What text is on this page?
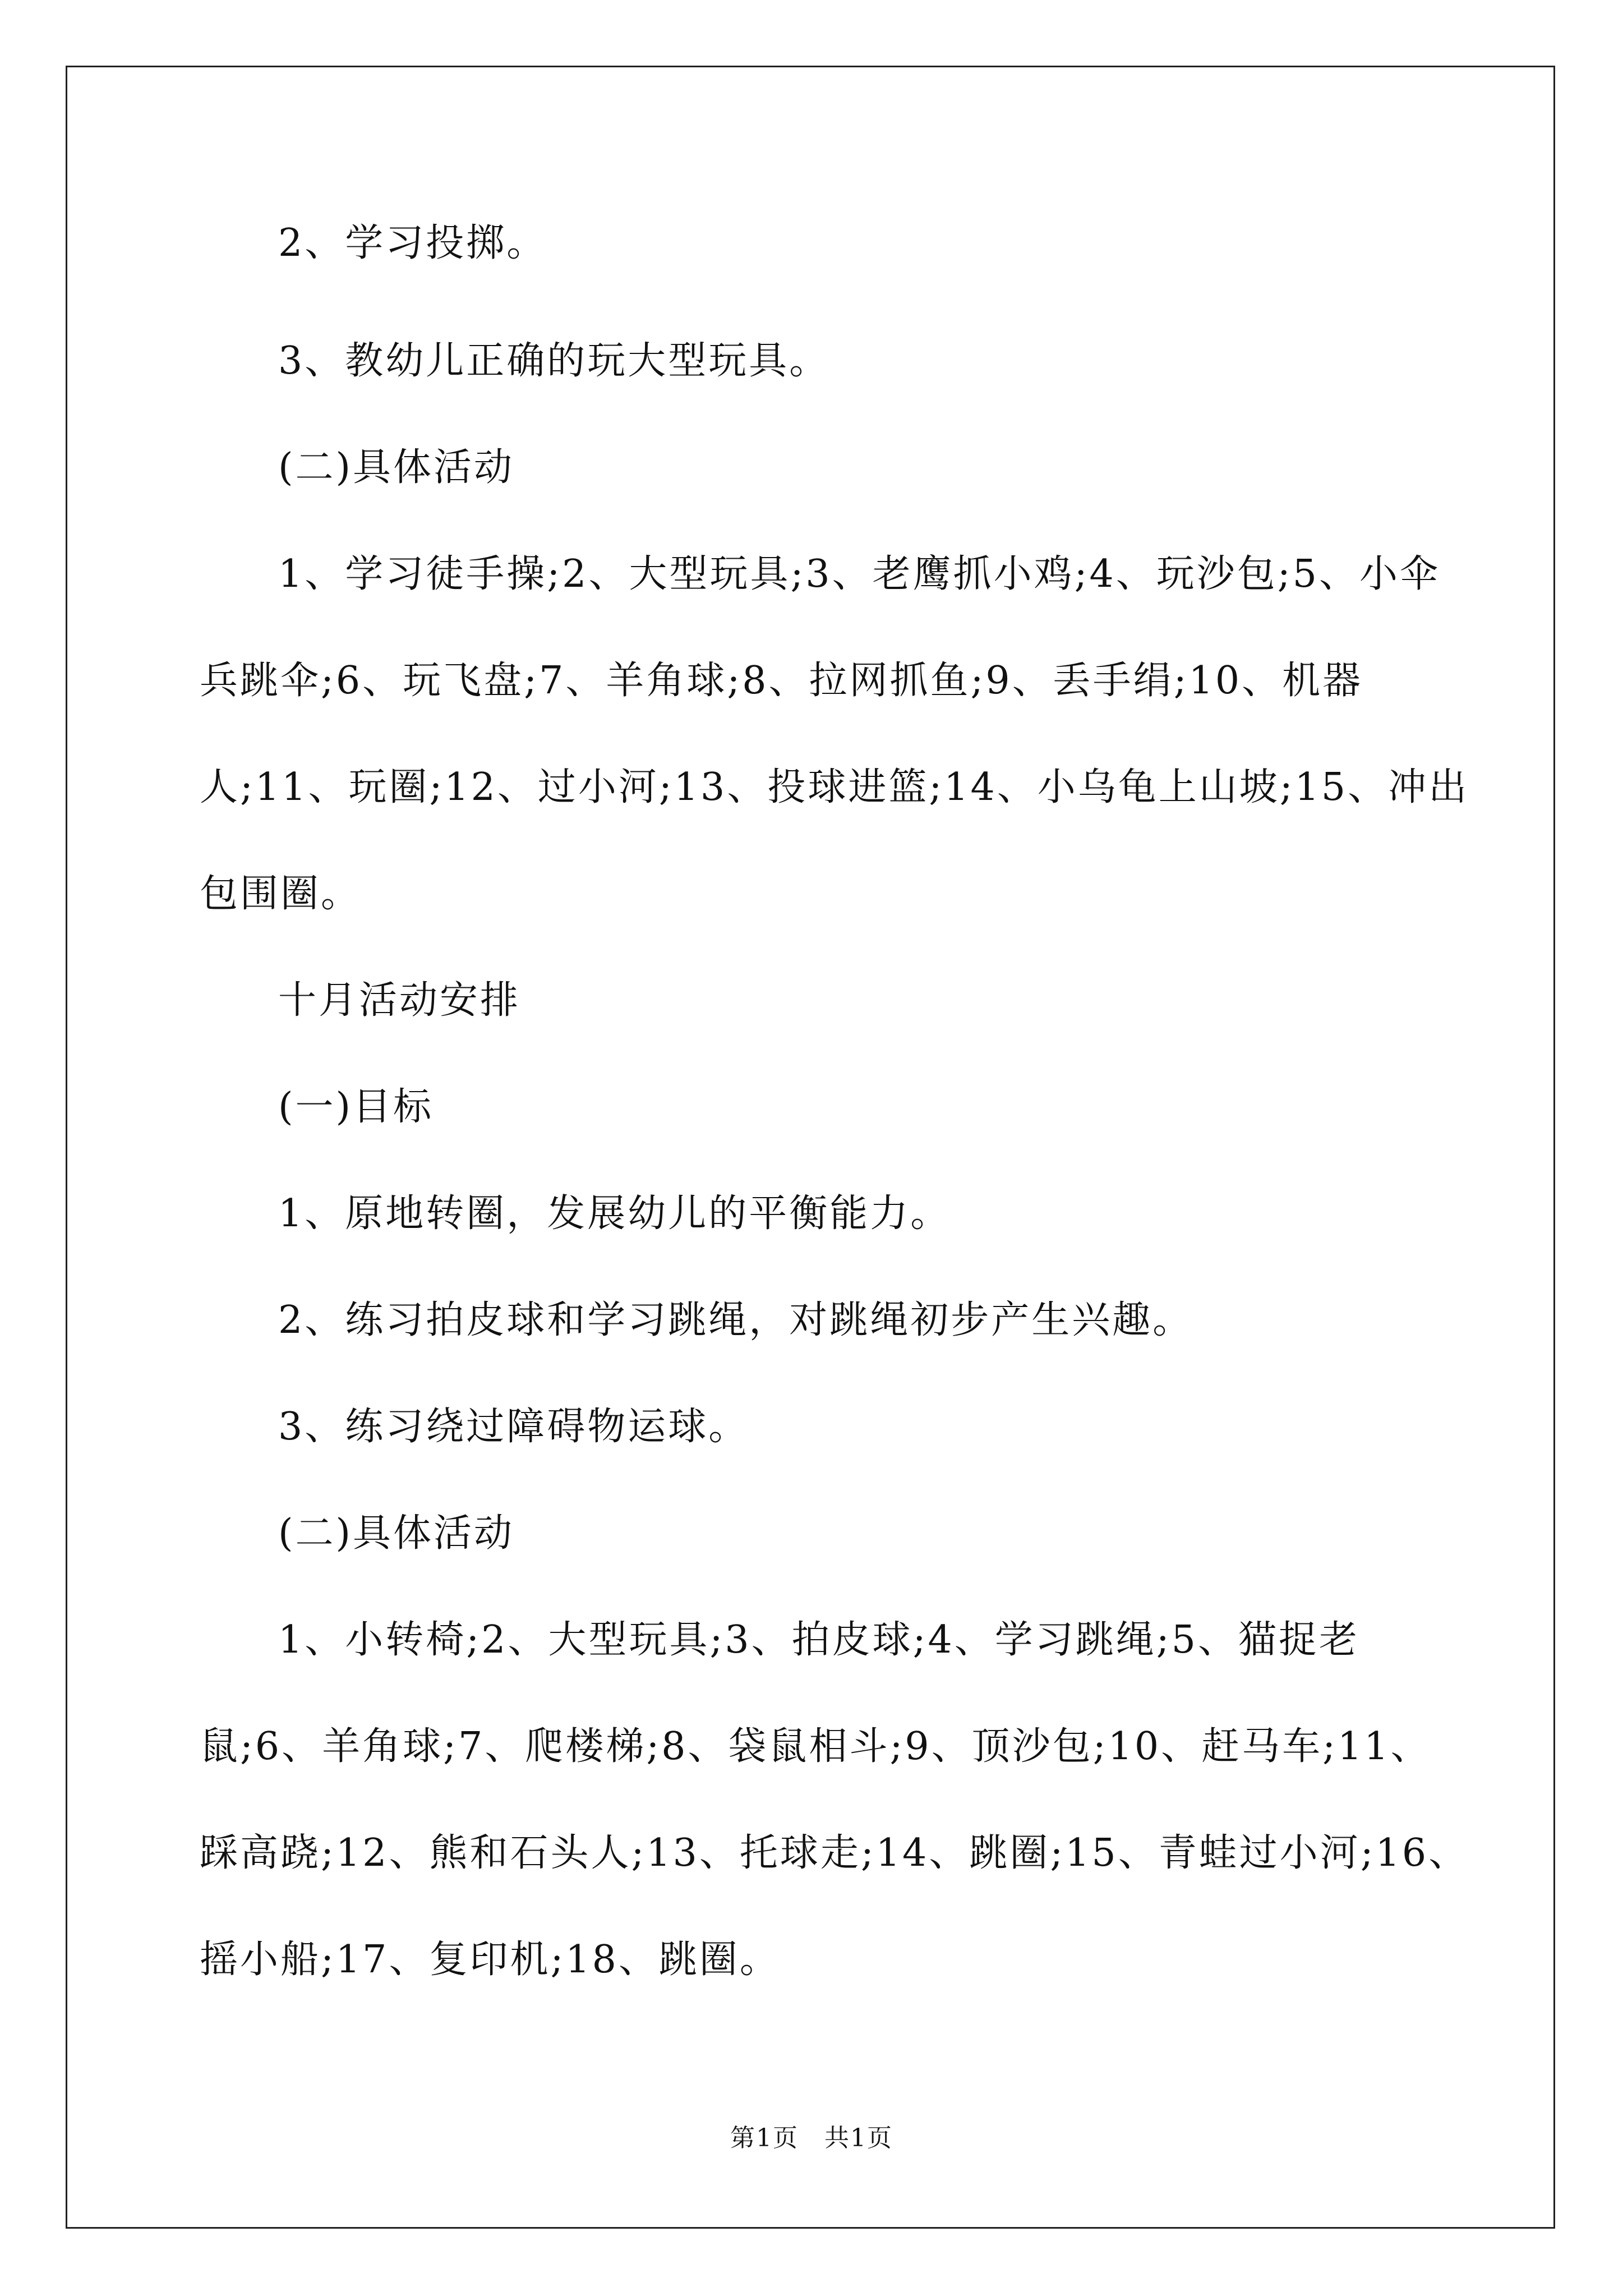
2、学习投掷。
3、教幼儿正确的玩大型玩具。
(二)具体活动
1、学习徒手操;2、大型玩具;3、老鹰抓小鸡;4、玩沙包;5、小伞
兵跳伞;6、玩飞盘;7、羊角球;8、拉网抓鱼;9、丢手绢;10、机器
人;11、玩圈;12、过小河;13、投球进篮;14、小乌龟上山坡;15、冲出
包围圈。
十月活动安排
(一)目标
1、原地转圈，发展幼儿的平衡能力。
2、练习拍皮球和学习跳绳，对跳绳初步产生兴趣。
3、练习绕过障碍物运球。
(二)具体活动
1、小转椅;2、大型玩具;3、拍皮球;4、学习跳绳;5、猫捉老
鼠;6、羊角球;7、爬楼梯;8、袋鼠相斗;9、顶沙包;10、赶马车;11、
踩高跷;12、熊和石头人;13、托球走;14、跳圈;15、青蛙过小河;16、
摇小船;17、复印机;18、跳圈。
第1页　共1页
